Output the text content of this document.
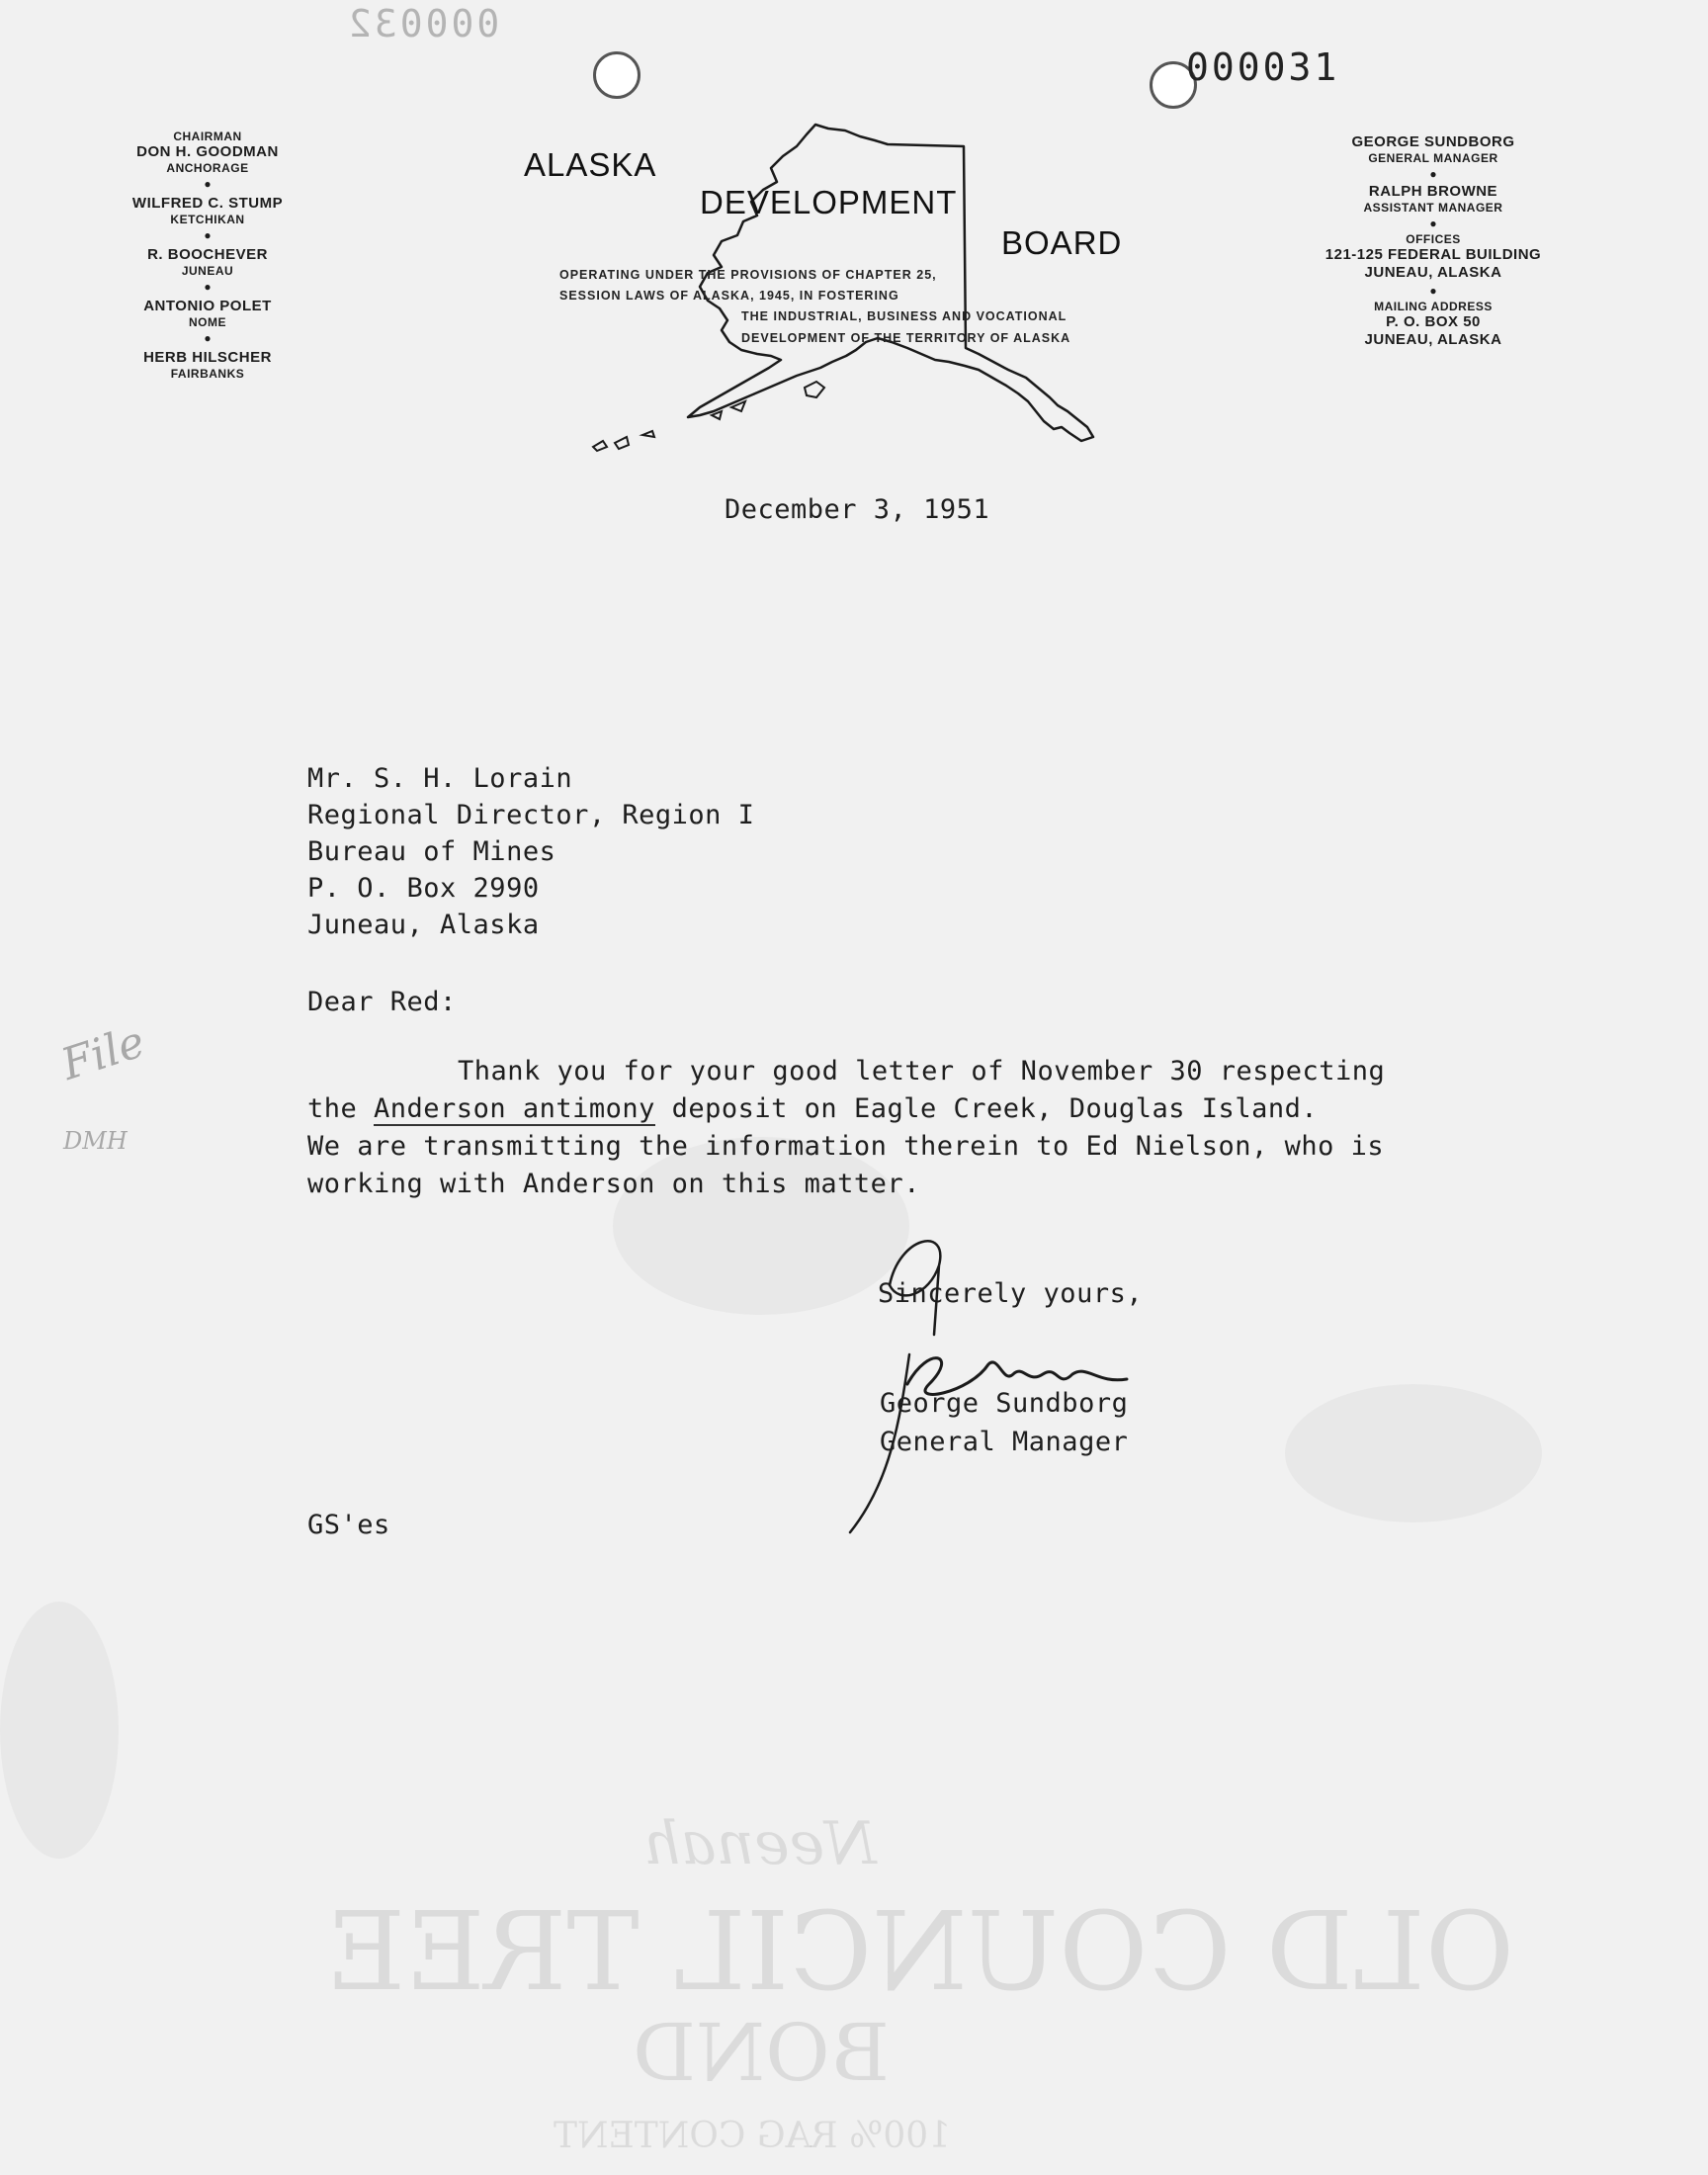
Neenah
OLD COUNCIL TREE
BOND
100% RAG CONTENT
000032
000031
CHAIRMAN
DON H. GOODMAN
ANCHORAGE
●
WILFRED C. STUMP
KETCHIKAN
●
R. BOOCHEVER
JUNEAU
●
ANTONIO POLET
NOME
●
HERB HILSCHER
FAIRBANKS
ALASKA
DEVELOPMENT
BOARD
OPERATING UNDER THE PROVISIONS OF CHAPTER 25,
SESSION LAWS OF ALASKA, 1945, IN FOSTERING
THE INDUSTRIAL, BUSINESS AND VOCATIONAL
DEVELOPMENT OF THE TERRITORY OF ALASKA
GEORGE SUNDBORG
GENERAL MANAGER
●
RALPH BROWNE
ASSISTANT MANAGER
●
OFFICES
121-125 FEDERAL BUILDING
JUNEAU, ALASKA
●
MAILING ADDRESS
P. O. BOX 50
JUNEAU, ALASKA
December 3, 1951
Mr. S. H. Lorain
Regional Director, Region I
Bureau of Mines
P. O. Box 2990
Juneau, Alaska
Dear Red:
Thank you for your good letter of November 30 respecting
the Anderson antimony deposit on Eagle Creek, Douglas Island.
We are transmitting the information therein to Ed Nielson, who is
working with Anderson on this matter.
Sincerely yours,
George Sundborg
General Manager
GS'es
File
DMH
